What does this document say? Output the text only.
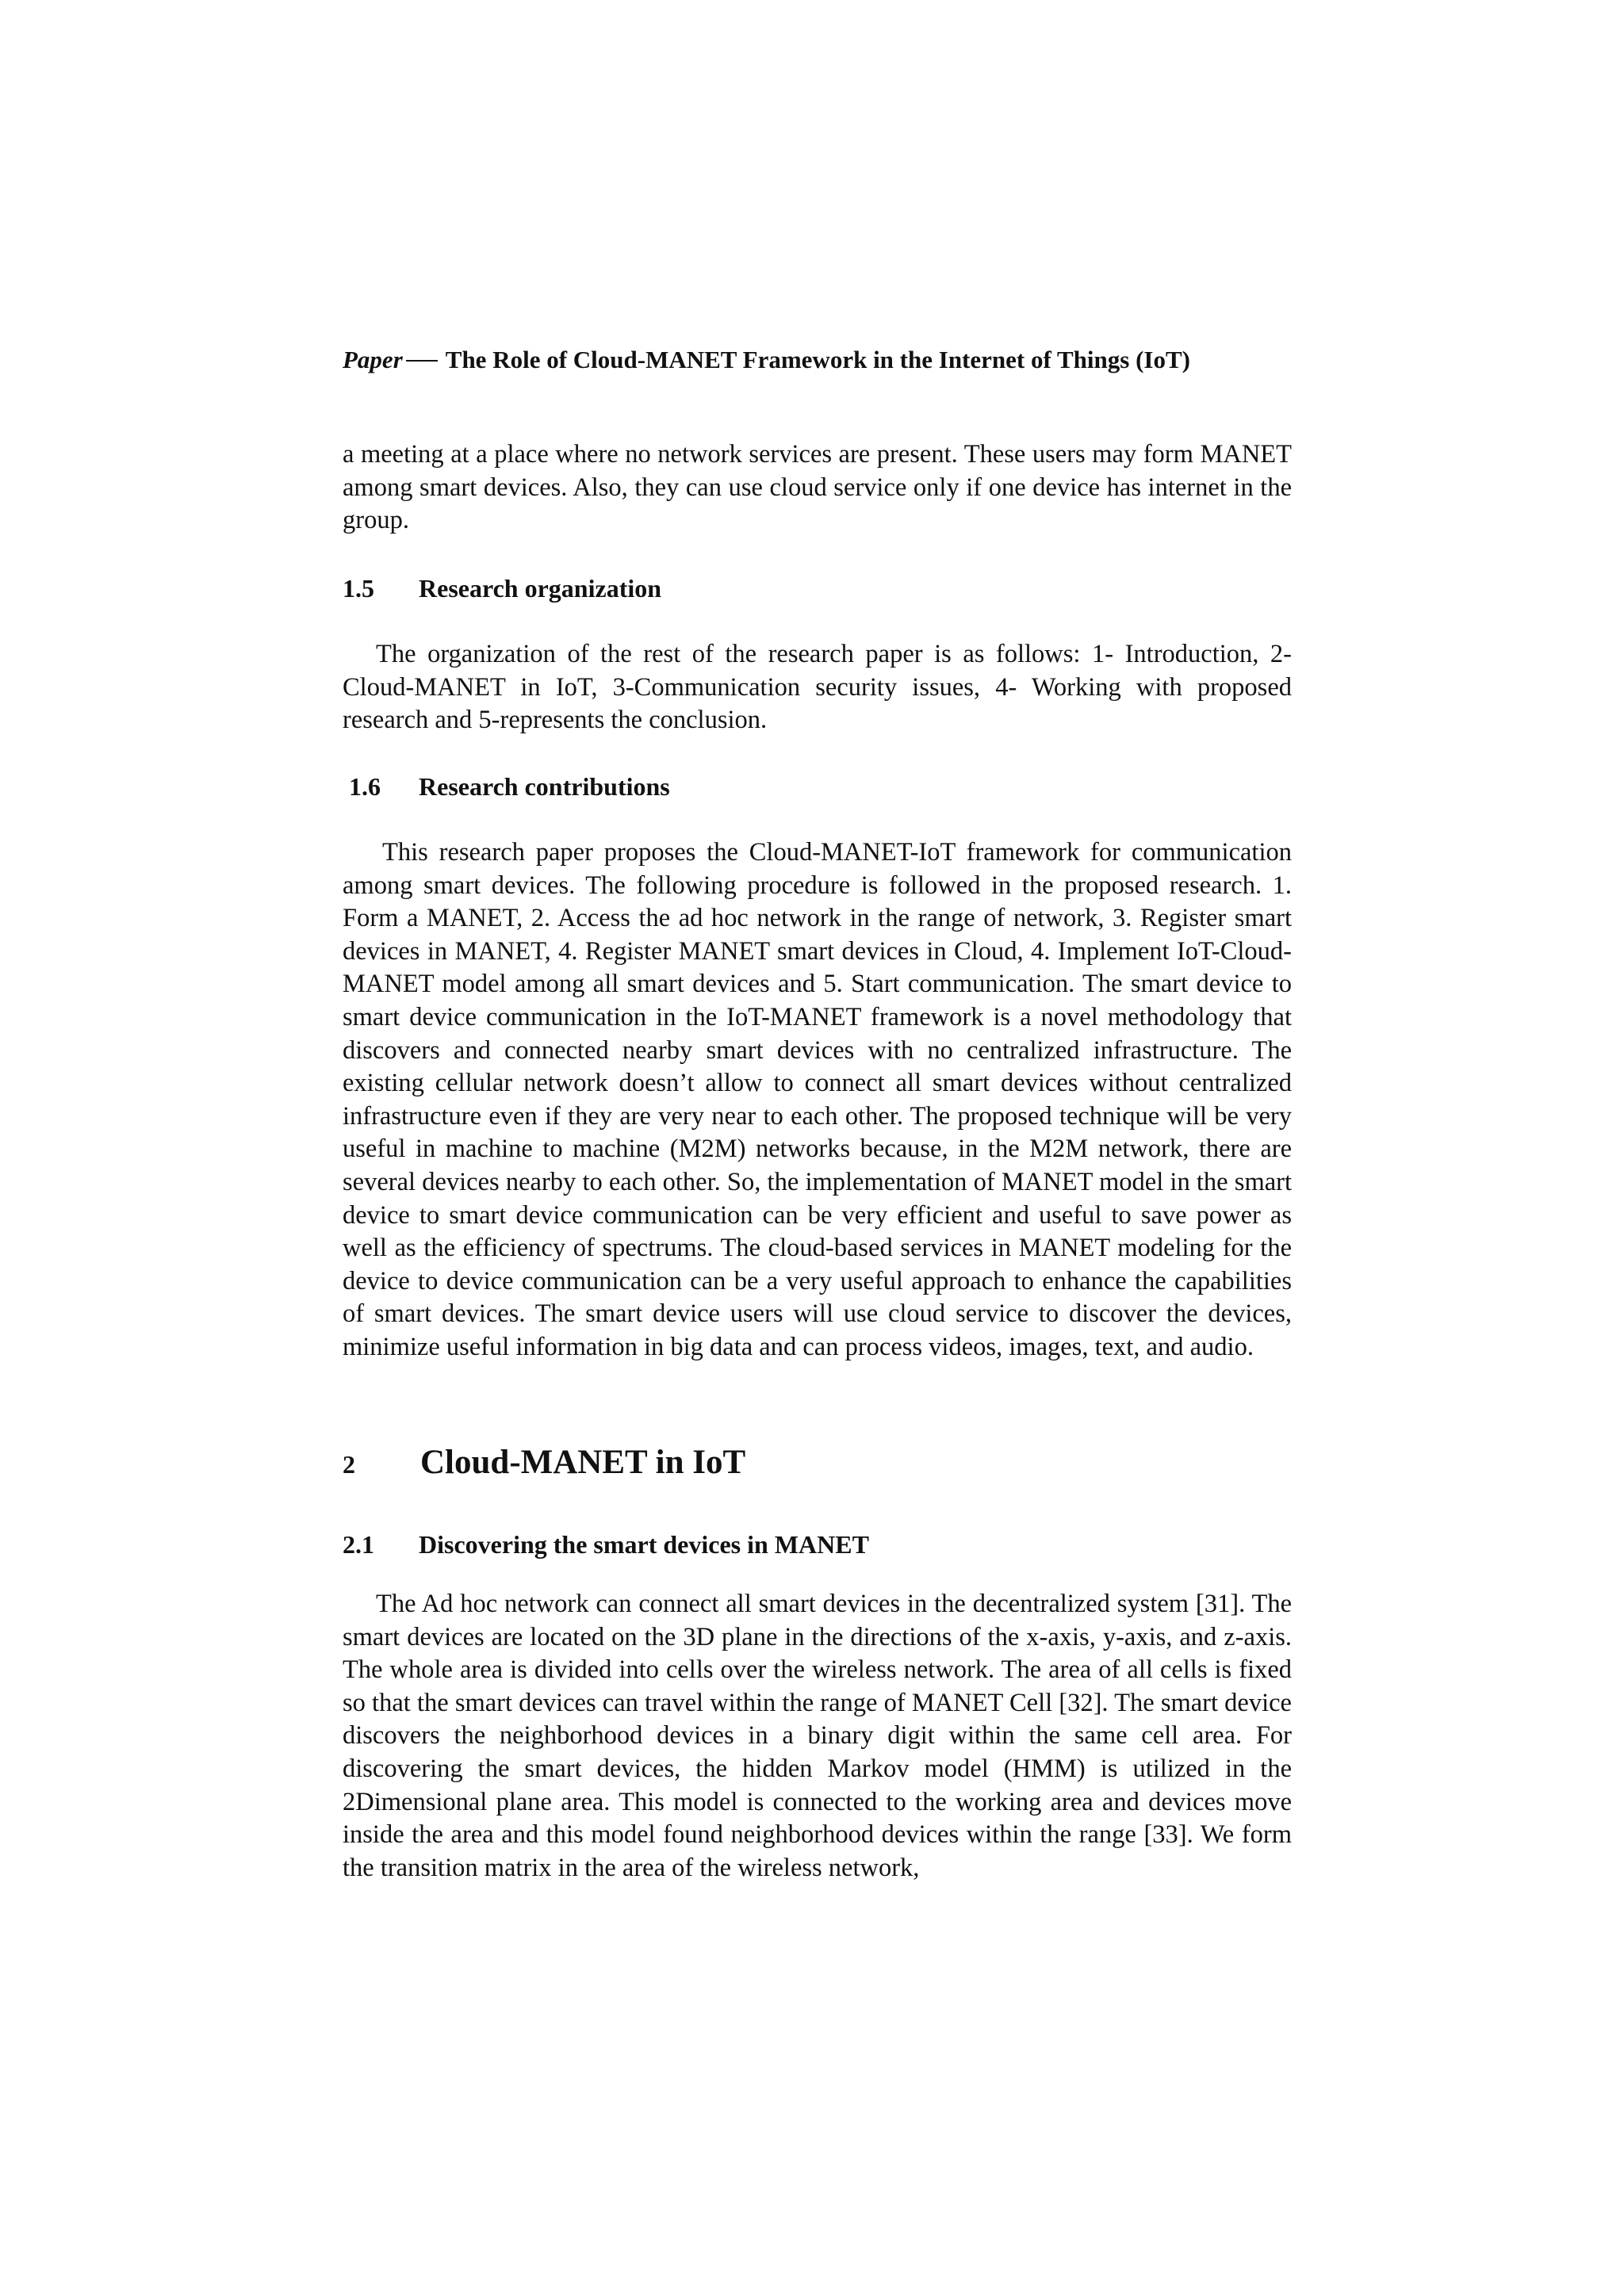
Paper The Role of Cloud-MANET Framework in the Internet of Things (IoT)

a meeting at a place where no network services are present. These users may form MANET among smart devices. Also, they can use cloud service only if one device has internet in the group.

1.5 Research organization

The organization of the rest of the research paper is as follows: 1- Introduction, 2-Cloud-MANET in IoT, 3-Communication security issues, 4- Working with proposed research and 5-represents the conclusion.

1.6 Research contributions

This research paper proposes the Cloud-MANET-IoT framework for communication among smart devices. The following procedure is followed in the proposed research. 1. Form a MANET, 2. Access the ad hoc network in the range of network, 3. Register smart devices in MANET, 4. Register MANET smart devices in Cloud, 4. Implement IoT-Cloud-MANET model among all smart devices and 5. Start communication. The smart device to smart device communication in the IoT-MANET framework is a novel methodology that discovers and connected nearby smart devices with no centralized infrastructure. The existing cellular network doesn’t allow to connect all smart devices without centralized infrastructure even if they are very near to each other. The proposed technique will be very useful in machine to machine (M2M) networks because, in the M2M network, there are several devices nearby to each other. So, the implementation of MANET model in the smart device to smart device communication can be very efficient and useful to save power as well as the efficiency of spectrums. The cloud-based services in MANET modeling for the device to device communication can be a very useful approach to enhance the capabilities of smart devices. The smart device users will use cloud service to discover the devices, minimize useful information in big data and can process videos, images, text, and audio.

2 Cloud-MANET in IoT
2.1 Discovering the smart devices in MANET

The Ad hoc network can connect all smart devices in the decentralized system [31]. The smart devices are located on the 3D plane in the directions of the x-axis, y-axis, and z-axis. The whole area is divided into cells over the wireless network. The area of all cells is fixed so that the smart devices can travel within the range of MANET Cell [32]. The smart device discovers the neighborhood devices in a binary digit within the same cell area. For discovering the smart devices, the hidden Markov model (HMM) is utilized in the 2Dimensional plane area. This model is connected to the working area and devices move inside the area and this model found neighborhood devices within the range [33]. We form the transition matrix in the area of the wireless network,
